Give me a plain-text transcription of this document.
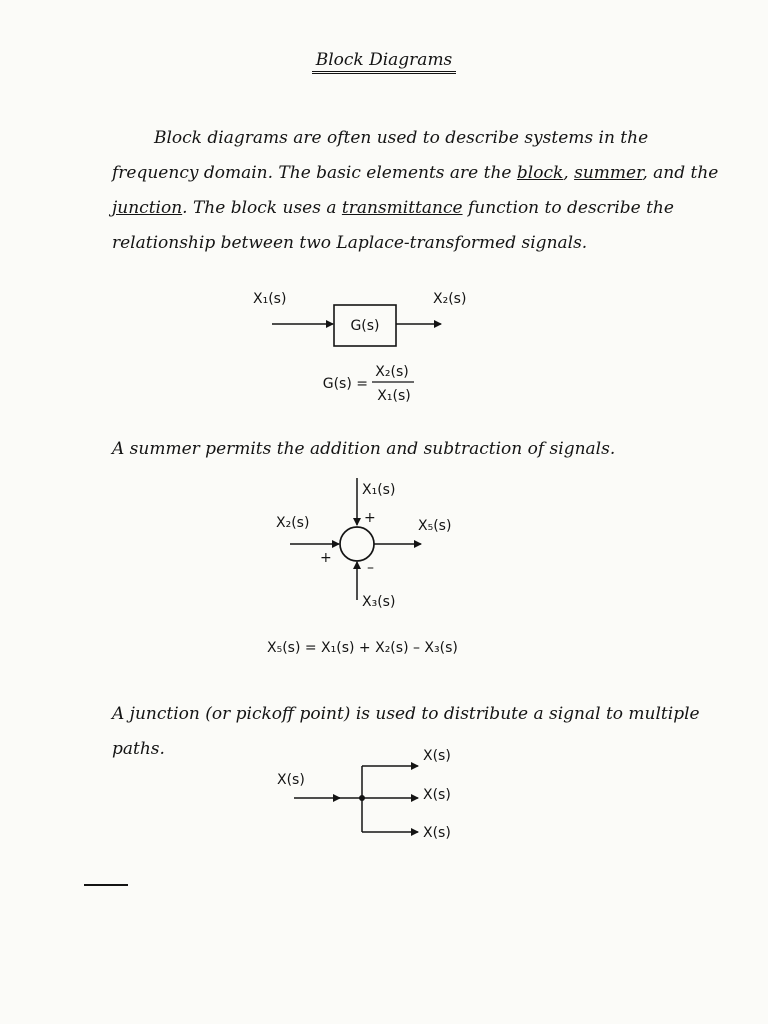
Block Diagrams
Block diagrams are often used to describe systems in the frequency domain. The basic elements are the block, summer, and the junction. The block uses a transmittance function to describe the relationship between two Laplace-transformed signals.
X₁(s)	X₂(s)
G(s)
G(s) =
X₂(s)
X₁(s)
A summer permits the addition and subtraction of signals.
X₁(s)
+
X₂(s)
+
X₅(s)
–
X₃(s)
X₅(s) = X₁(s) + X₂(s) – X₃(s)
A junction (or pickoff point) is used to distribute a signal to multiple paths.
X(s)
X(s)
X(s)
X(s)
